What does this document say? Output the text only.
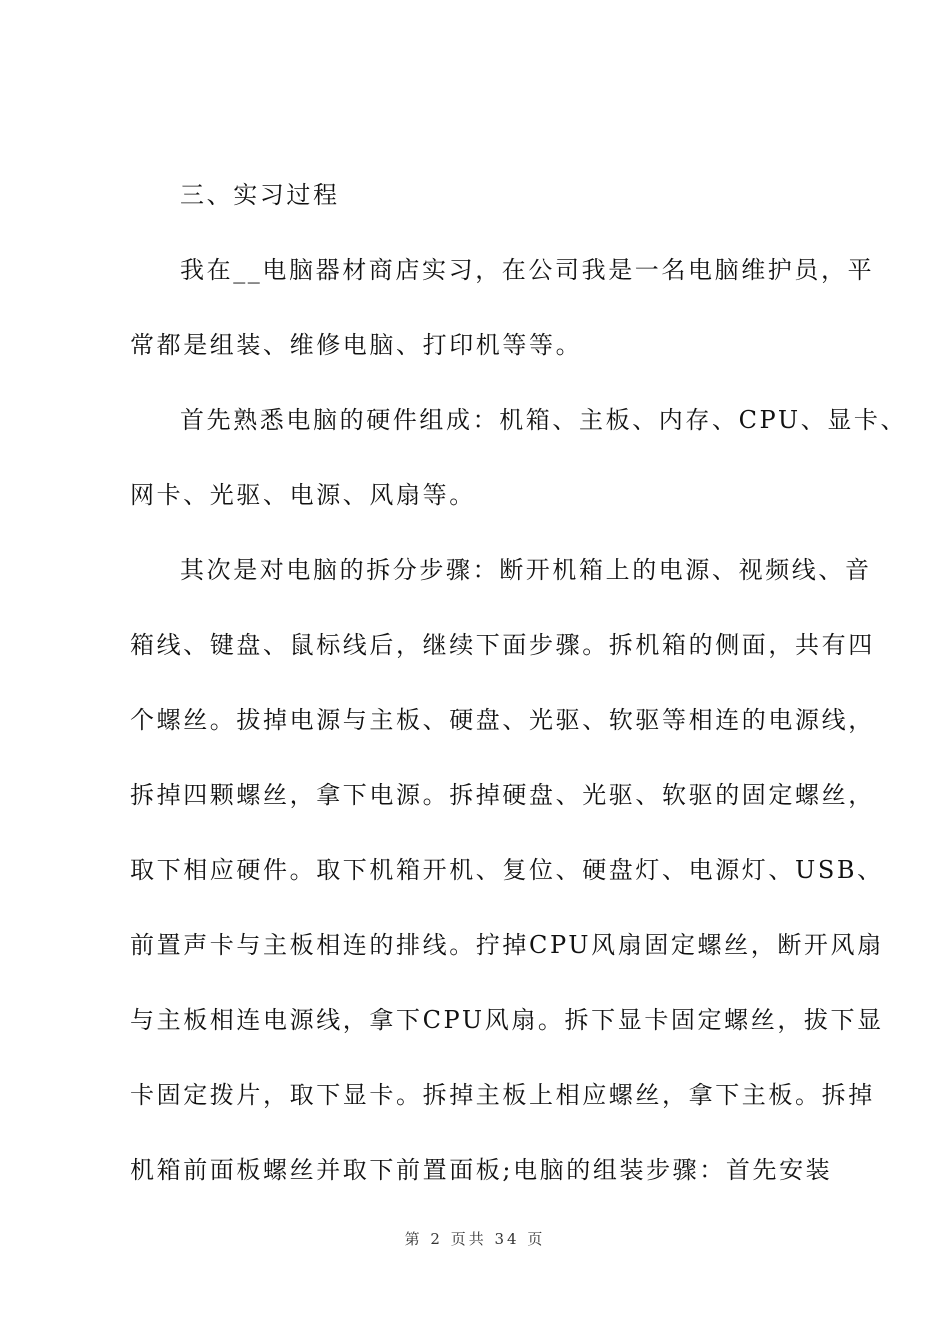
三、实习过程
我在__电脑器材商店实习，在公司我是一名电脑维护员，平
常都是组装、维修电脑、打印机等等。
首先熟悉电脑的硬件组成：机箱、主板、内存、CPU、显卡、
网卡、光驱、电源、风扇等。
其次是对电脑的拆分步骤：断开机箱上的电源、视频线、音
箱线、键盘、鼠标线后，继续下面步骤。拆机箱的侧面，共有四
个螺丝。拔掉电源与主板、硬盘、光驱、软驱等相连的电源线，
拆掉四颗螺丝，拿下电源。拆掉硬盘、光驱、软驱的固定螺丝，
取下相应硬件。取下机箱开机、复位、硬盘灯、电源灯、USB、
前置声卡与主板相连的排线。拧掉CPU风扇固定螺丝，断开风扇
与主板相连电源线，拿下CPU风扇。拆下显卡固定螺丝，拔下显
卡固定拨片，取下显卡。拆掉主板上相应螺丝，拿下主板。拆掉
机箱前面板螺丝并取下前置面板;电脑的组装步骤：首先安装
第 2 页共 34 页
